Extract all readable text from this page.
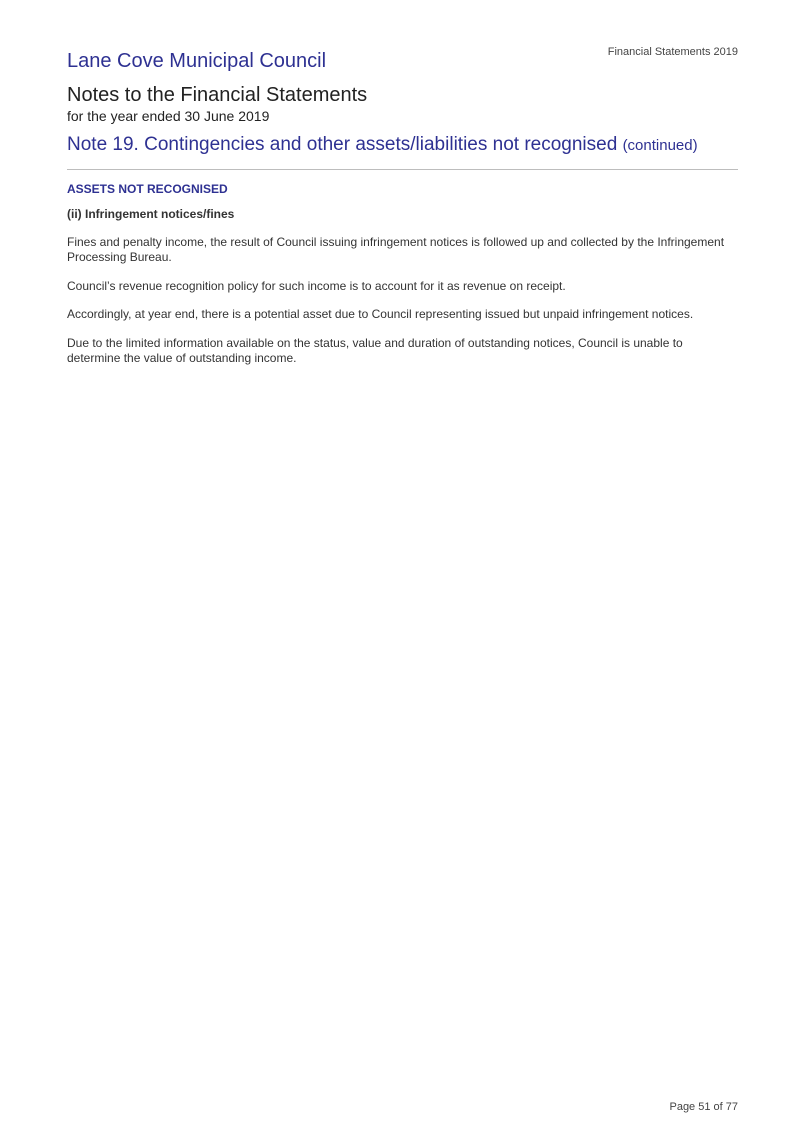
Financial Statements 2019
Lane Cove Municipal Council
Notes to the Financial Statements
for the year ended 30 June 2019
Note 19. Contingencies and other assets/liabilities not recognised (continued)
ASSETS NOT RECOGNISED
(ii) Infringement notices/fines

Fines and penalty income, the result of Council issuing infringement notices is followed up and collected by the Infringement Processing Bureau.

Council’s revenue recognition policy for such income is to account for it as revenue on receipt.

Accordingly, at year end, there is a potential asset due to Council representing issued but unpaid infringement notices.

Due to the limited information available on the status, value and duration of outstanding notices, Council is unable to determine the value of outstanding income.

Page 51 of 77
